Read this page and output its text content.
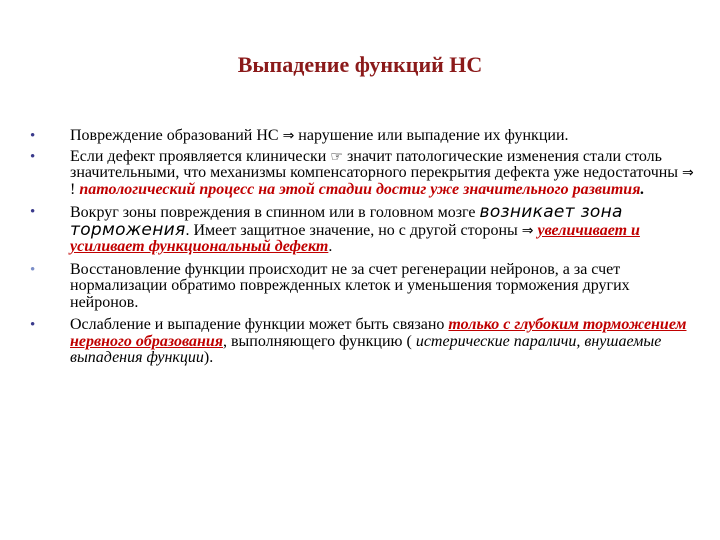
Выпадение функций НС
• Повреждение образований НС ⇒ нарушение или выпадение их функции.
• Если дефект проявляется клинически ☞ значит патологические изменения стали столь значительными, что механизмы компенсаторного перекрытия дефекта уже недостаточны ⇒ ! патологический процесс на этой стадии достиг уже значительного развития.
• Вокруг зоны повреждения в спинном или в головном мозге возникает зона торможения. Имеет защитное значение, но с другой стороны ⇒ увеличивает и усиливает функциональный дефект.
• Восстановление функции происходит не за счет регенерации нейронов, а за счет нормализации обратимо поврежденных клеток и уменьшения торможения других нейронов.
• Ослабление и выпадение функции может быть связано только с глубоким торможением нервного образования, выполняющего функцию ( истерические параличи, внушаемые выпадения функции).
